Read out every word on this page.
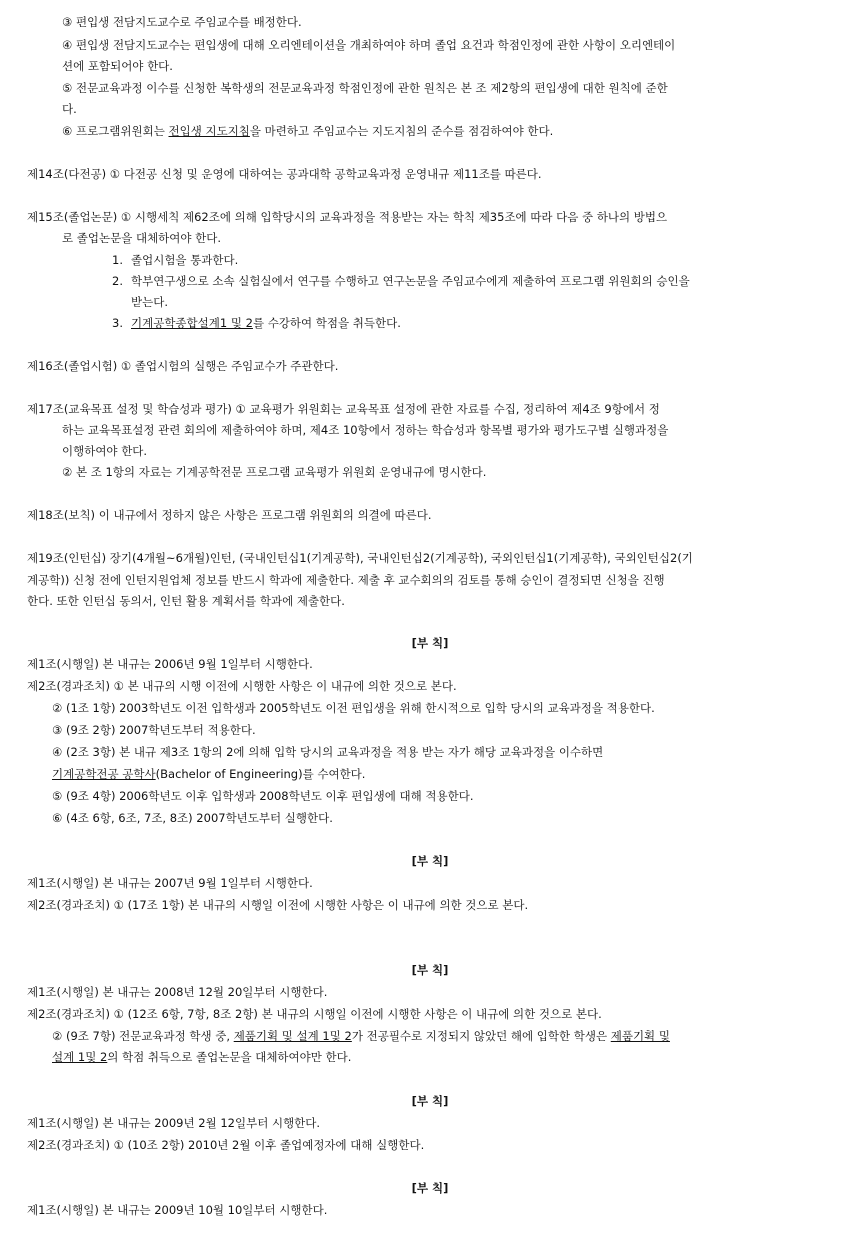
③ 편입생 전담지도교수로 주임교수를 배정한다.
④ 편입생 전담지도교수는 편입생에 대해 오리엔테이션을 개최하여야 하며 졸업 요건과 학점인정에 관한 사항이 오리엔테이
션에 포함되어야 한다.
⑤ 전문교육과정 이수를 신청한 복학생의 전문교육과정 학점인정에 관한 원칙은 본 조 제2항의 편입생에 대한 원칙에 준한
다.
⑥ 프로그램위원회는 전입생 지도지침을 마련하고 주임교수는 지도지침의 준수를 점검하여야 한다.
제14조(다전공) ① 다전공 신청 및 운영에 대하여는 공과대학 공학교육과정 운영내규 제11조를 따른다.
제15조(졸업논문) ① 시행세칙 제62조에 의해 입학당시의 교육과정을 적용받는 자는 학칙 제35조에 따라 다음 중 하나의 방법으
로 졸업논문을 대체하여야 한다.
1. 졸업시험을 통과한다.
2. 학부연구생으로 소속 실험실에서 연구를 수행하고 연구논문을 주임교수에게 제출하여 프로그램 위원회의 승인을
받는다.
3. 기계공학종합설계1 및 2를 수강하여 학점을 취득한다.
제16조(졸업시험) ① 졸업시험의 실행은 주임교수가 주관한다.
제17조(교육목표 설정 및 학습성과 평가) ① 교육평가 위원회는 교육목표 설정에 관한 자료를 수집, 정리하여 제4조 9항에서 정
하는 교육목표설정 관련 회의에 제출하여야 하며, 제4조 10항에서 정하는 학습성과 항목별 평가와 평가도구별 실행과정을
이행하여야 한다.
② 본 조 1항의 자료는 기계공학전문 프로그램 교육평가 위원회 운영내규에 명시한다.
제18조(보칙) 이 내규에서 정하지 않은 사항은 프로그램 위원회의 의결에 따른다.
제19조(인턴십) 장기(4개월~6개월)인턴, (국내인턴십1(기계공학), 국내인턴십2(기계공학), 국외인턴십1(기계공학), 국외인턴십2(기
계공학)) 신청 전에 인턴지원업체 정보를 반드시 학과에 제출한다. 제출 후 교수회의의 검토를 통해 승인이 결정되면 신청을 진행
한다. 또한 인턴십 동의서, 인턴 활용 계획서를 학과에 제출한다.
[부 칙]
제1조(시행일) 본 내규는 2006년 9월 1일부터 시행한다.
제2조(경과조치) ① 본 내규의 시행 이전에 시행한 사항은 이 내규에 의한 것으로 본다.
② (1조 1항) 2003학년도 이전 입학생과 2005학년도 이전 편입생을 위해 한시적으로 입학 당시의 교육과정을 적용한다.
③ (9조 2항) 2007학년도부터 적용한다.
④ (2조 3항) 본 내규 제3조 1항의 2에 의해 입학 당시의 교육과정을 적용 받는 자가 해당 교육과정을 이수하면
기계공학전공 공학사(Bachelor of Engineering)를 수여한다.
⑤ (9조 4항) 2006학년도 이후 입학생과 2008학년도 이후 편입생에 대해 적용한다.
⑥ (4조 6항, 6조, 7조, 8조) 2007학년도부터 실행한다.
[부 칙]
제1조(시행일) 본 내규는 2007년 9월 1일부터 시행한다.
제2조(경과조치) ① (17조 1항) 본 내규의 시행일 이전에 시행한 사항은 이 내규에 의한 것으로 본다.
[부 칙]
제1조(시행일) 본 내규는 2008년 12월 20일부터 시행한다.
제2조(경과조치) ① (12조 6항, 7항, 8조 2항) 본 내규의 시행일 이전에 시행한 사항은 이 내규에 의한 것으로 본다.
② (9조 7항) 전문교육과정 학생 중, 제품기획 및 설계 1및 2가 전공필수로 지정되지 않았던 해에 입학한 학생은 제품기획 및
설계 1및 2의 학점 취득으로 졸업논문을 대체하여야만 한다.
[부 칙]
제1조(시행일) 본 내규는 2009년 2월 12일부터 시행한다.
제2조(경과조치) ① (10조 2항) 2010년 2월 이후 졸업예정자에 대해 실행한다.
[부 칙]
제1조(시행일) 본 내규는 2009년 10월 10일부터 시행한다.
